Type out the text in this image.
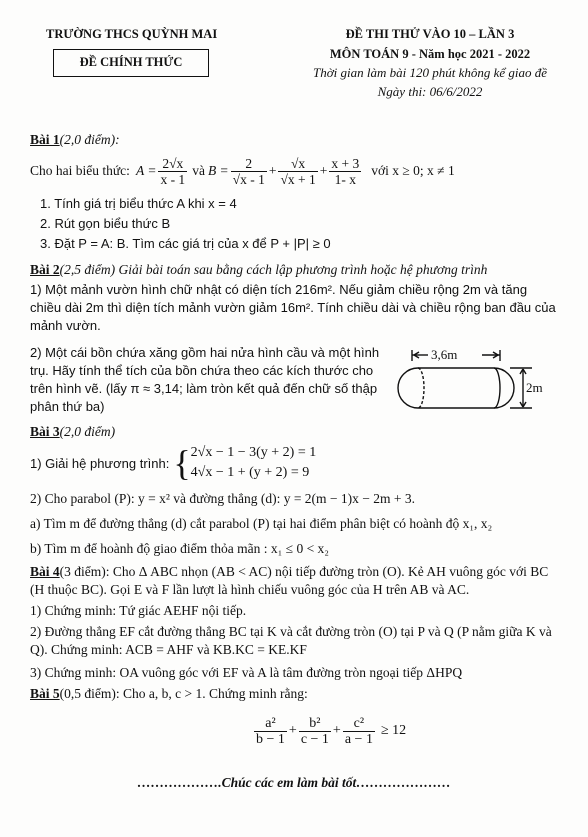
TRƯỜNG THCS QUỲNH MAI
ĐỀ CHÍNH THỨC
ĐỀ THI THỬ VÀO 10 – LẦN 3
MÔN TOÁN 9 - Năm học 2021 - 2022
Thời gian làm bài 120 phút không kể giao đề
Ngày thi: 06/6/2022
Bài 1(2,0 điểm):
Cho hai biểu thức: $A = \frac{2√x}{x - 1}$ và $B = \frac{2}{√x - 1} + \frac{√x}{√x + 1} + \frac{x + 3}{1- x}$ với x ≥ 0; x ≠ 1
1. Tính giá trị biểu thức A khi x = 4
2. Rút gọn biểu thức B
3. Đặt P = A: B. Tìm các giá trị của x để P + |P| ≥ 0
Bài 2(2,5 điểm) Giải bài toán sau bằng cách lập phương trình hoặc hệ phương trình
1) Một mảnh vườn hình chữ nhật có diện tích 216m². Nếu giảm chiều rộng 2m và tăng chiều dài 2m thì diện tích mảnh vườn giảm 16m². Tính chiều dài và chiều rộng ban đầu của mảnh vườn.
2) Một cái bồn chứa xăng gồm hai nửa hình cầu và một hình trụ. Hãy tính thể tích của bồn chứa theo các kích thước cho trên hình vẽ. (lấy π ≈ 3,14; làm tròn kết quả đến chữ số thập phân thứ ba)
3,6m
2m
Bài 3(2,0 điểm)
1) Giải hệ phương trình: { 2√x − 1 − 3(y + 2) = 1
4√x − 1 + (y + 2) = 9
2) Cho parabol (P): y = x² và đường thẳng (d): y = 2(m − 1)x − 2m + 3.
a) Tìm m để đường thẳng (d) cắt parabol (P) tại hai điểm phân biệt có hoành độ x₁, x₂
b) Tìm m để hoành độ giao điểm thỏa mãn : x₁ ≤ 0 < x₂
Bài 4(3 điểm): Cho Δ ABC nhọn (AB < AC) nội tiếp đường tròn (O). Kẻ AH vuông góc với BC (H thuộc BC). Gọi E và F lần lượt là hình chiếu vuông góc của H trên AB và AC.
1) Chứng minh: Tứ giác AEHF nội tiếp.
2) Đường thẳng EF cắt đường thẳng BC tại K và cắt đường tròn (O) tại P và Q (P nằm giữa K và Q). Chứng minh: ACB = AHF và KB.KC = KE.KF
3) Chứng minh: OA vuông góc với EF và A là tâm đường tròn ngoại tiếp ΔHPQ
Bài 5(0,5 điểm): Cho a, b, c > 1. Chứng minh rằng:
$\frac{\text{a²}}{b - 1} + \frac{\text{b²}}{c - 1} + \frac{\text{c²}}{a - 1} \ge 12$
……………….Chúc các em làm bài tốt…………………
